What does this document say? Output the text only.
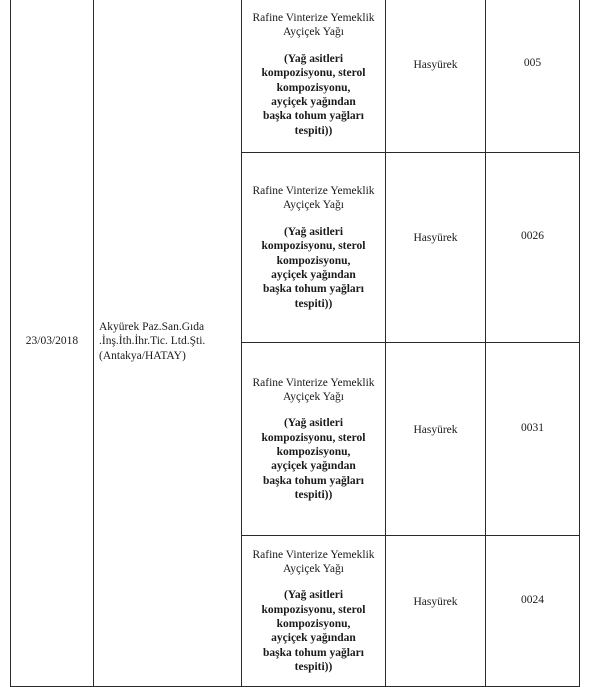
23/03/2018	Akyürek Paz.San.Gıda
.İnş.İth.İhr.Tic. Ltd.Şti.
(Antakya/HATAY)	Rafine Vinterize Yemeklik Ayçiçek Yağı
(Yağ asitleri kompozisyonu, sterol kompozisyonu, ayçiçek yağından başka tohum yağları tespiti))	Hasyürek	005

		Rafine Vinterize Yemeklik Ayçiçek Yağı
(Yağ asitleri kompozisyonu, sterol kompozisyonu, ayçiçek yağından başka tohum yağları tespiti))	Hasyürek	0026

		Rafine Vinterize Yemeklik Ayçiçek Yağı
(Yağ asitleri kompozisyonu, sterol kompozisyonu, ayçiçek yağından başka tohum yağları tespiti))	Hasyürek	0031

		Rafine Vinterize Yemeklik Ayçiçek Yağı
(Yağ asitleri kompozisyonu, sterol kompozisyonu, ayçiçek yağından başka tohum yağları tespiti))	Hasyürek	0024
